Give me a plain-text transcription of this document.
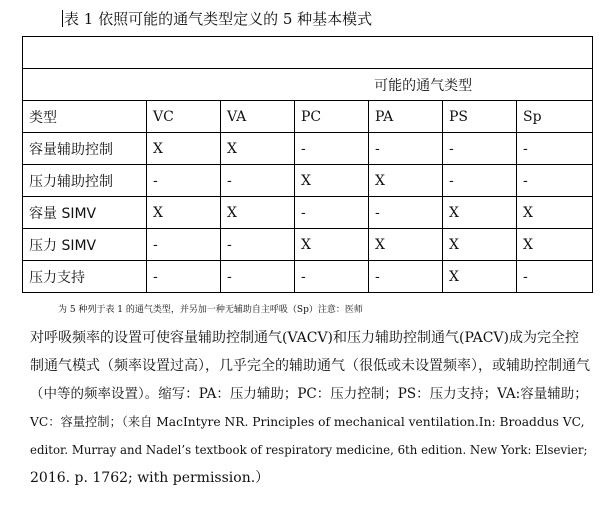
表 1 依照可能的通气类型定义的 5 种基本模式

可能的通气类型						
类型	VC	VA	PC	PA	PS	Sp
容量辅助控制	X	X	-	-	-	-
压力辅助控制	-	-	X	X	-	-
容量 SIMV	X	X	-	-	X	X
压力 SIMV	-	-	X	X	X	X
压力支持	-	-	-	-	X	-

为 5 种列于表 1 的通气类型，并另加一种无辅助自主呼吸（Sp）注意：医师
对呼吸频率的设置可使容量辅助控制通气(VACV)和压力辅助控制通气(PACV)成为完全控
制通气模式（频率设置过高），几乎完全的辅助通气（很低或未设置频率），或辅助控制通气
（中等的频率设置）。缩写：PA：压力辅助；PC：压力控制；PS：压力支持；VA:容量辅助；
VC：容量控制；（来自 MacIntyre NR. Principles of mechanical ventilation.In: Broaddus VC,
editor. Murray and Nadel’s textbook of respiratory medicine, 6th edition. New York: Elsevier;
2016. p. 1762; with permission.）
